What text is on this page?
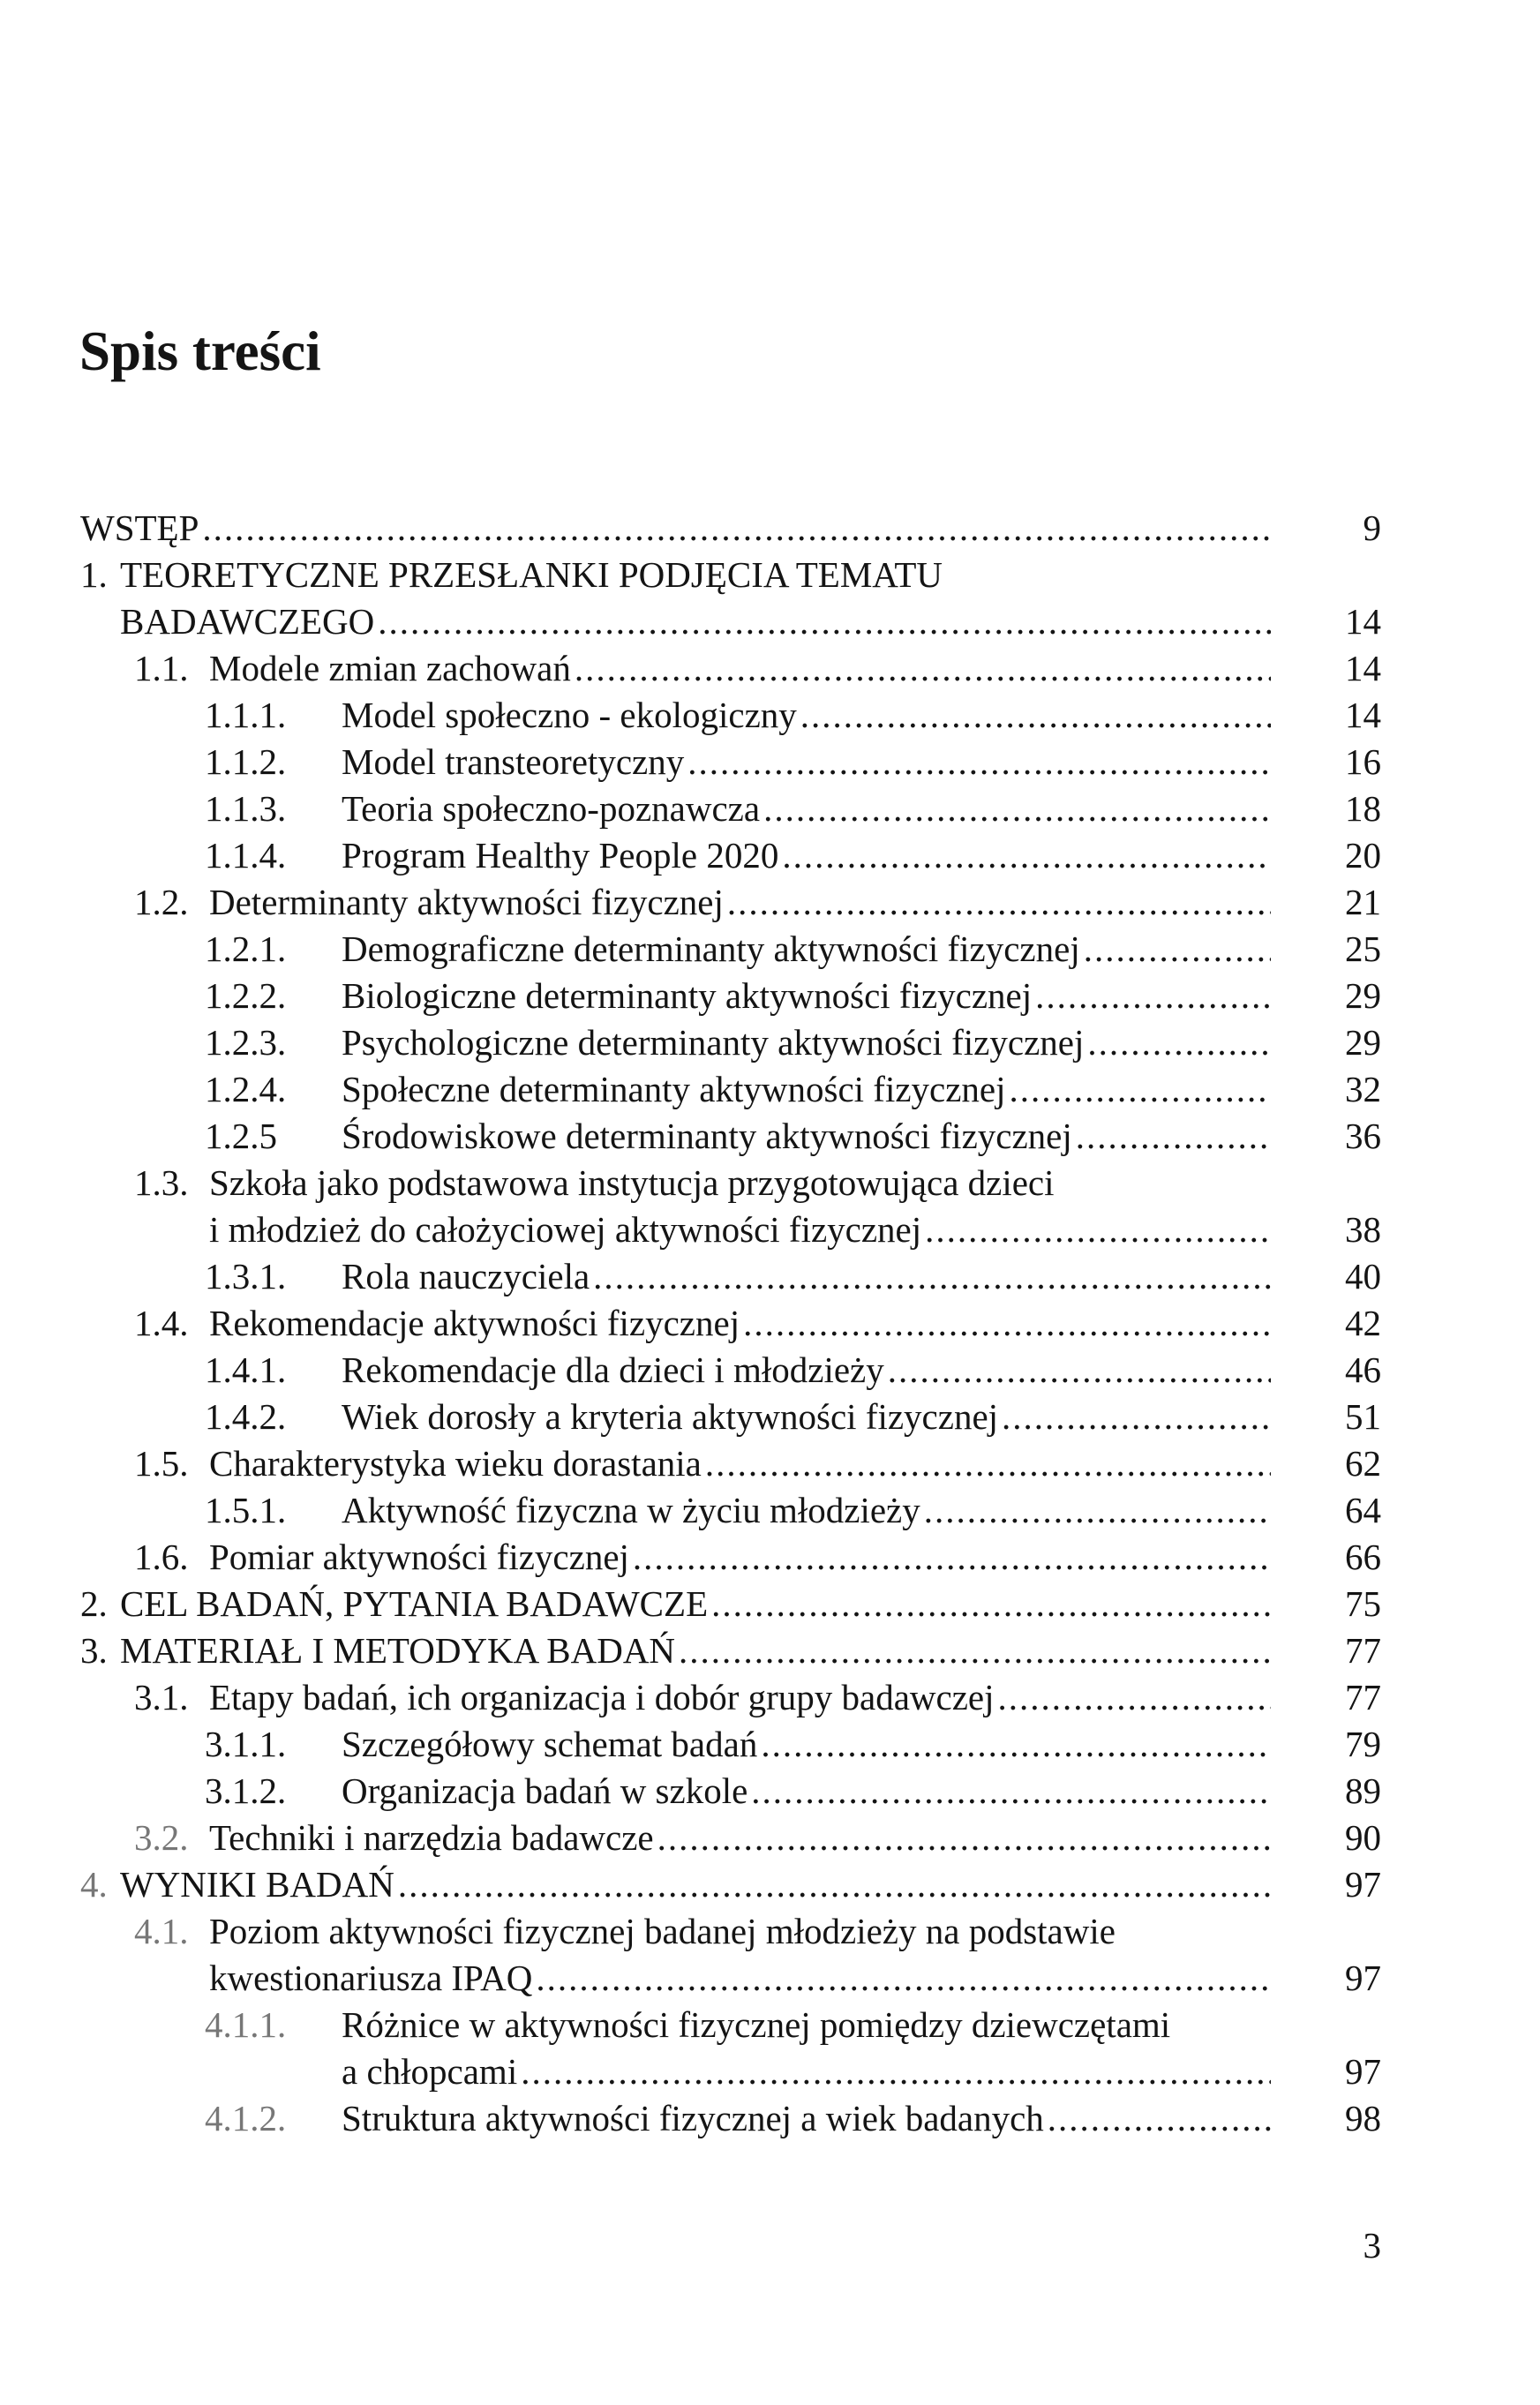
Spis treści
WSTĘP .....	9
1. TEORETYCZNE PRZESŁANKI PODJĘCIA TEMATU
BADAWCZEGO .....	14
1.1. Modele zmian zachowań .....	14
1.1.1. Model społeczno - ekologiczny .....	14
1.1.2. Model transteoretyczny .....	16
1.1.3. Teoria społeczno-poznawcza .....	18
1.1.4. Program Healthy People 2020 .....	20
1.2. Determinanty aktywności fizycznej .....	21
1.2.1. Demograficzne determinanty aktywności fizycznej .....	25
1.2.2. Biologiczne determinanty aktywności fizycznej .....	29
1.2.3. Psychologiczne determinanty aktywności fizycznej .....	29
1.2.4. Społeczne determinanty aktywności fizycznej .....	32
1.2.5 Środowiskowe determinanty aktywności fizycznej .....	36
1.3. Szkoła jako podstawowa instytucja przygotowująca dzieci
i młodzież do całożyciowej aktywności fizycznej .....	38
1.3.1. Rola nauczyciela .....	40
1.4. Rekomendacje aktywności fizycznej .....	42
1.4.1. Rekomendacje dla dzieci i młodzieży .....	46
1.4.2. Wiek dorosły a kryteria aktywności fizycznej .....	51
1.5. Charakterystyka wieku dorastania .....	62
1.5.1. Aktywność fizyczna w życiu młodzieży .....	64
1.6. Pomiar aktywności fizycznej .....	66
2. CEL BADAŃ, PYTANIA BADAWCZE .....	75
3. MATERIAŁ I METODYKA BADAŃ .....	77
3.1. Etapy badań, ich organizacja i dobór grupy badawczej .....	77
3.1.1. Szczegółowy schemat badań .....	79
3.1.2. Organizacja badań w szkole .....	89
3.2. Techniki i narzędzia badawcze .....	90
4. WYNIKI BADAŃ .....	97
4.1. Poziom aktywności fizycznej badanej młodzieży na podstawie
kwestionariusza IPAQ .....	97
4.1.1. Różnice w aktywności fizycznej pomiędzy dziewczętami
a chłopcami .....	97
4.1.2. Struktura aktywności fizycznej a wiek badanych .....	98
3
